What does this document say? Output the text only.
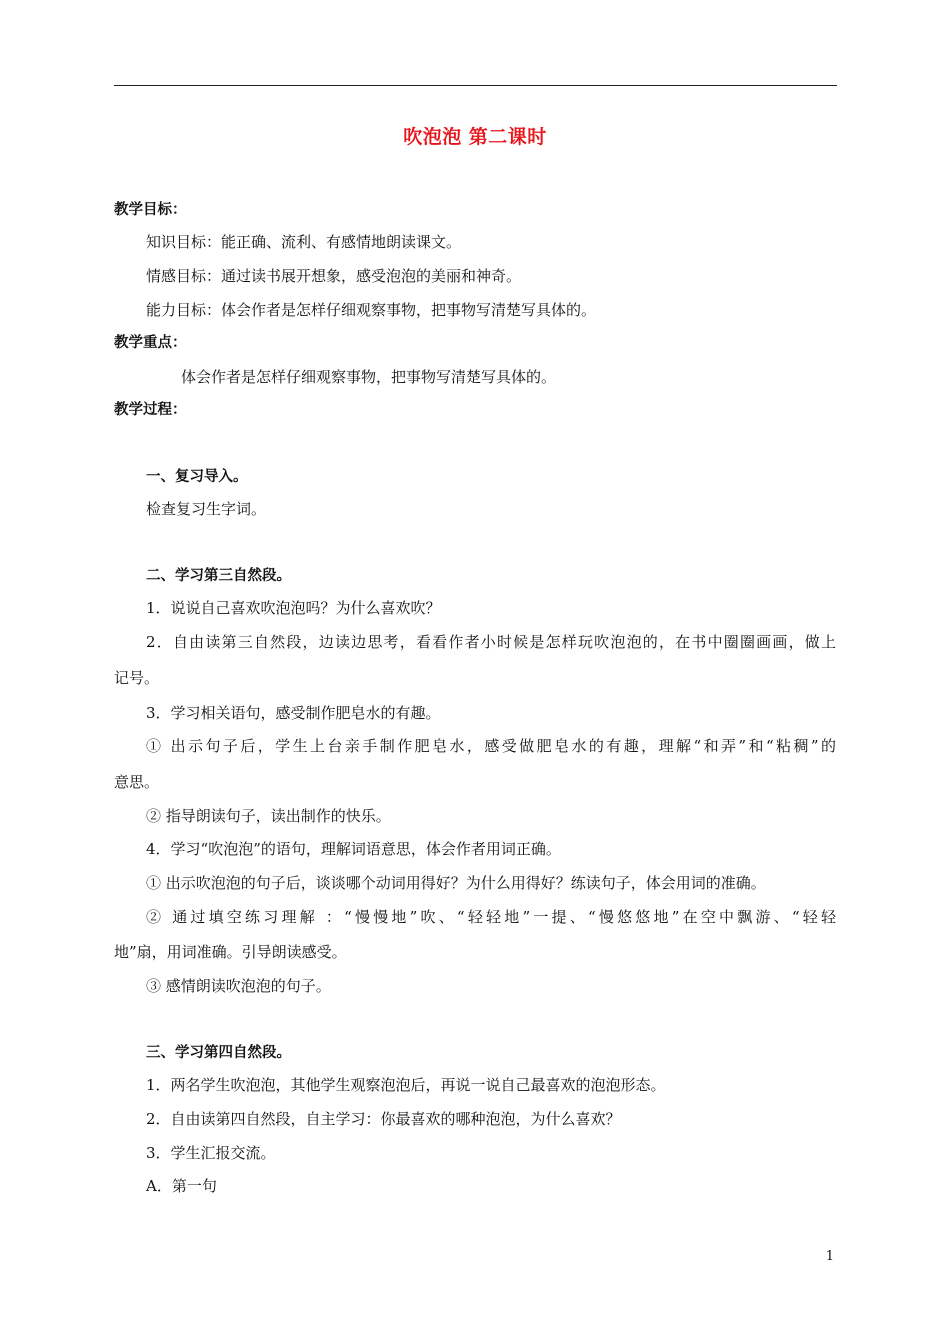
吹泡泡 第二课时
教学目标：
知识目标：能正确、流利、有感情地朗读课文。
情感目标：通过读书展开想象，感受泡泡的美丽和神奇。
能力目标：体会作者是怎样仔细观察事物，把事物写清楚写具体的。
教学重点：
体会作者是怎样仔细观察事物，把事物写清楚写具体的。
教学过程：
一、复习导入。
检查复习生字词。
二、学习第三自然段。
1．说说自己喜欢吹泡泡吗？为什么喜欢吹？
2．自由读第三自然段，边读边思考，看看作者小时候是怎样玩吹泡泡的，在书中圈圈画画，做上
记号。
3．学习相关语句，感受制作肥皂水的有趣。
① 出示句子后，学生上台亲手制作肥皂水，感受做肥皂水的有趣，理解“和弄”和“粘稠”的
意思。
② 指导朗读句子，读出制作的快乐。
4．学习“吹泡泡”的语句，理解词语意思，体会作者用词正确。
① 出示吹泡泡的句子后，谈谈哪个动词用得好？为什么用得好？练读句子，体会用词的准确。
② 通过填空练习理解 ：“慢慢地”吹、“轻轻地”一提、“慢悠悠地”在空中飘游、“轻轻
地”扇，用词准确。引导朗读感受。
③ 感情朗读吹泡泡的句子。
三、学习第四自然段。
1．两名学生吹泡泡，其他学生观察泡泡后，再说一说自己最喜欢的泡泡形态。
2．自由读第四自然段，自主学习：你最喜欢的哪种泡泡，为什么喜欢？
3．学生汇报交流。
A．第一句
1
